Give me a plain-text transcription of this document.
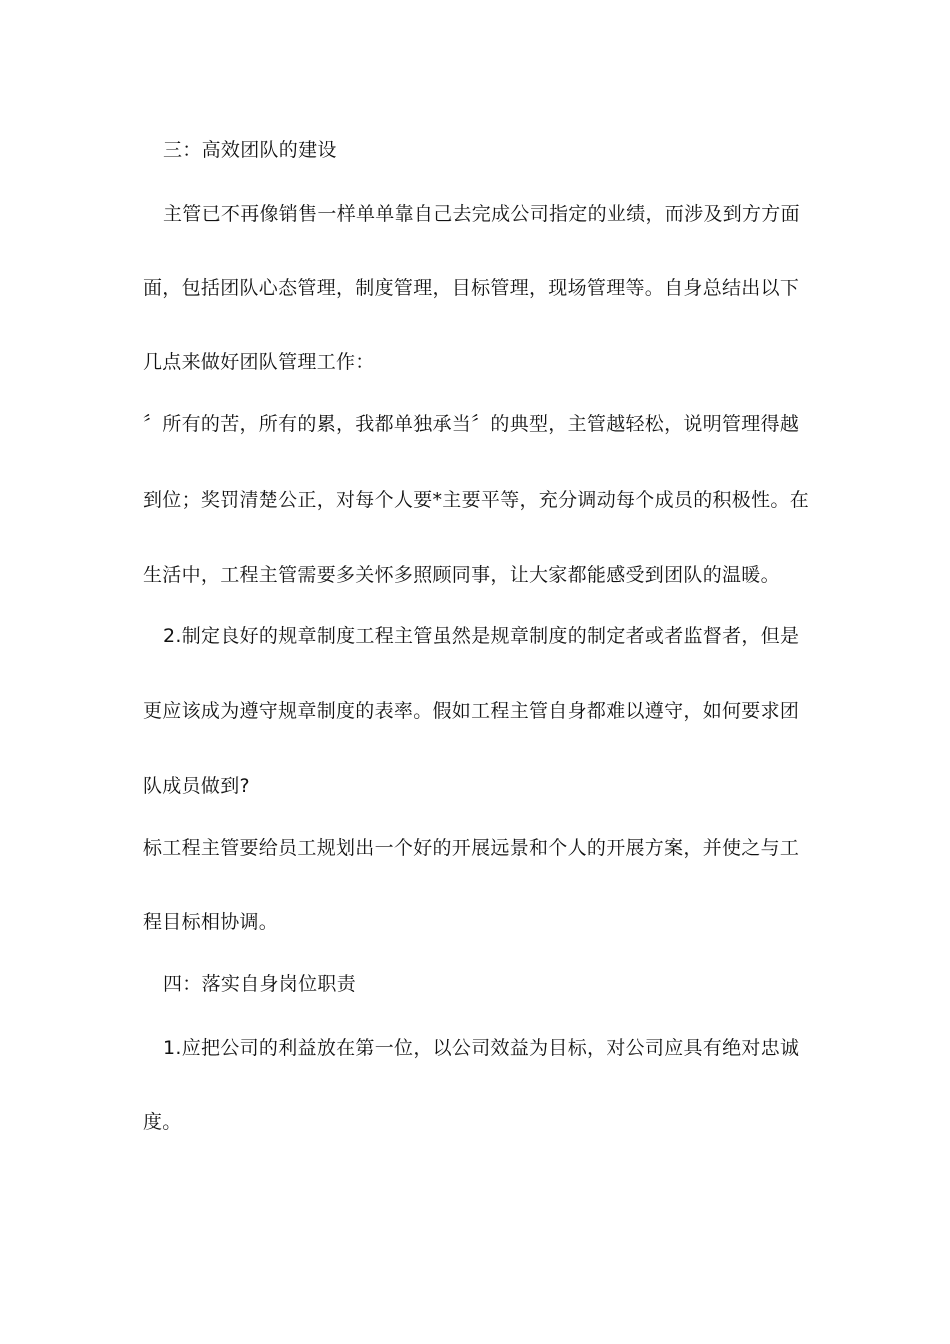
三：高效团队的建设
主管已不再像销售一样单单靠自己去完成公司指定的业绩，而涉及到方方面
面，包括团队心态管理，制度管理，目标管理，现场管理等。自身总结出以下
几点来做好团队管理工作：
〞所有的苦，所有的累，我都单独承当〞的典型，主管越轻松，说明管理得越
到位；奖罚清楚公正，对每个人要*主要平等，充分调动每个成员的积极性。在
生活中，工程主管需要多关怀多照顾同事，让大家都能感受到团队的温暖。
2.制定良好的规章制度工程主管虽然是规章制度的制定者或者监督者，但是
更应该成为遵守规章制度的表率。假如工程主管自身都难以遵守，如何要求团
队成员做到?
标工程主管要给员工规划出一个好的开展远景和个人的开展方案，并使之与工
程目标相协调。
四：落实自身岗位职责
1.应把公司的利益放在第一位，以公司效益为目标，对公司应具有绝对忠诚
度。
